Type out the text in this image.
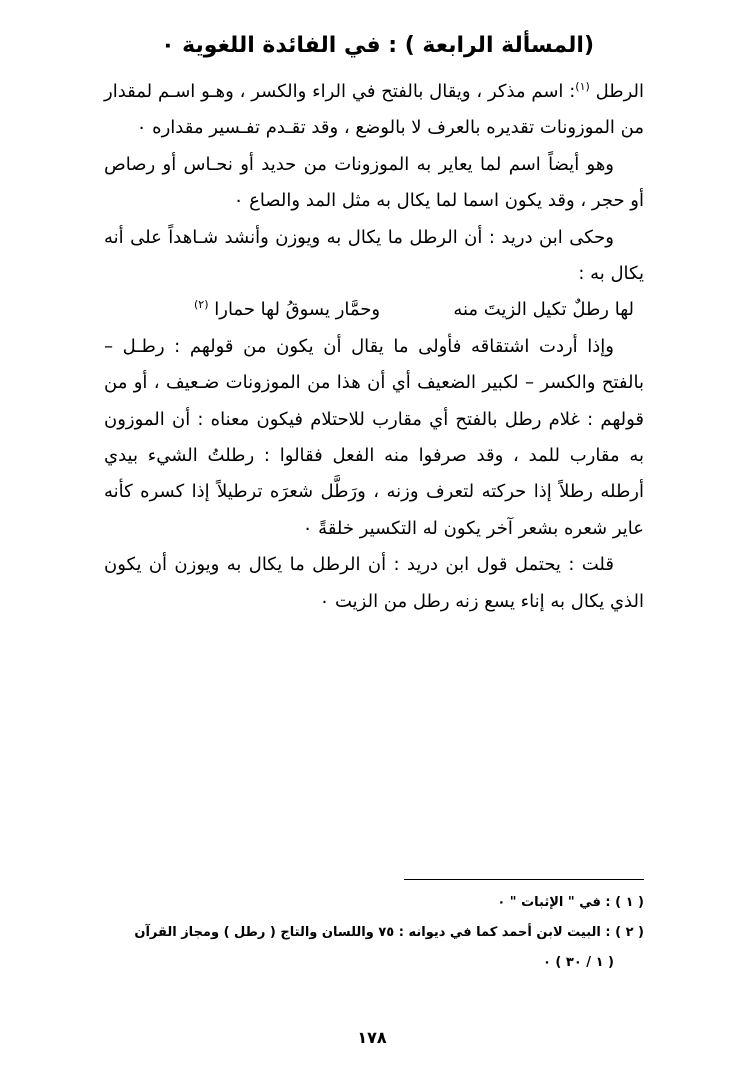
(المسألة الرابعة ) : في الفائدة اللغوية ٠

الرطل $^{(١)}$: اسم مذكر ، ويقال بالفتح في الراء والكسر ، وهـو اسـم لمقدار من الموزونات تقديره بالعرف لا بالوضع ، وقد تقـدم تفـسير مقداره ٠

وهو أيضاً اسم لما يعاير به الموزونات من حديد أو نحـاس أو رصاص أو حجر ، وقد يكون اسما لما يكال به مثل المد والصاع ٠

وحكى ابن دريد : أن الرطل ما يكال به ويوزن وأنشد شـاهداً على أنه يكال به :

لها رطلٌ تكيل الزيتَ منه
وحمَّار يسوقُ لها حمارا $^{(٢)}$

وإذا أردت اشتقاقه فأولى ما يقال أن يكون من قولهم : رطـل – بالفتح والكسر – لكبير الضعيف أي أن هذا من الموزونات ضـعيف ، أو من قولهم : غلام رطل بالفتح أي مقارب للاحتلام فيكون معناه : أن الموزون به مقارب للمد ، وقد صرفوا منه الفعل فقالوا : رطلتُ الشيء بيدي أرطله رطلاً إذا حركته لتعرف وزنه ، ورَطَّل شعرَه ترطيلاً إذا كسره كأنه عاير شعره بشعر آخر يكون له التكسير خلقةً ٠

قلت : يحتمل قول ابن دريد : أن الرطل ما يكال به ويوزن أن يكون الذي يكال به إناء يسع زنه رطل من الزيت ٠

( ١ ) : في " الإثبات " ٠

( ٢ ) : البيت لابن أحمد كما في ديوانه : ٧٥ واللسان والتاج ( رطل ) ومجاز القرآن

( ١ / ٣٠ ) ٠

١٧٨
